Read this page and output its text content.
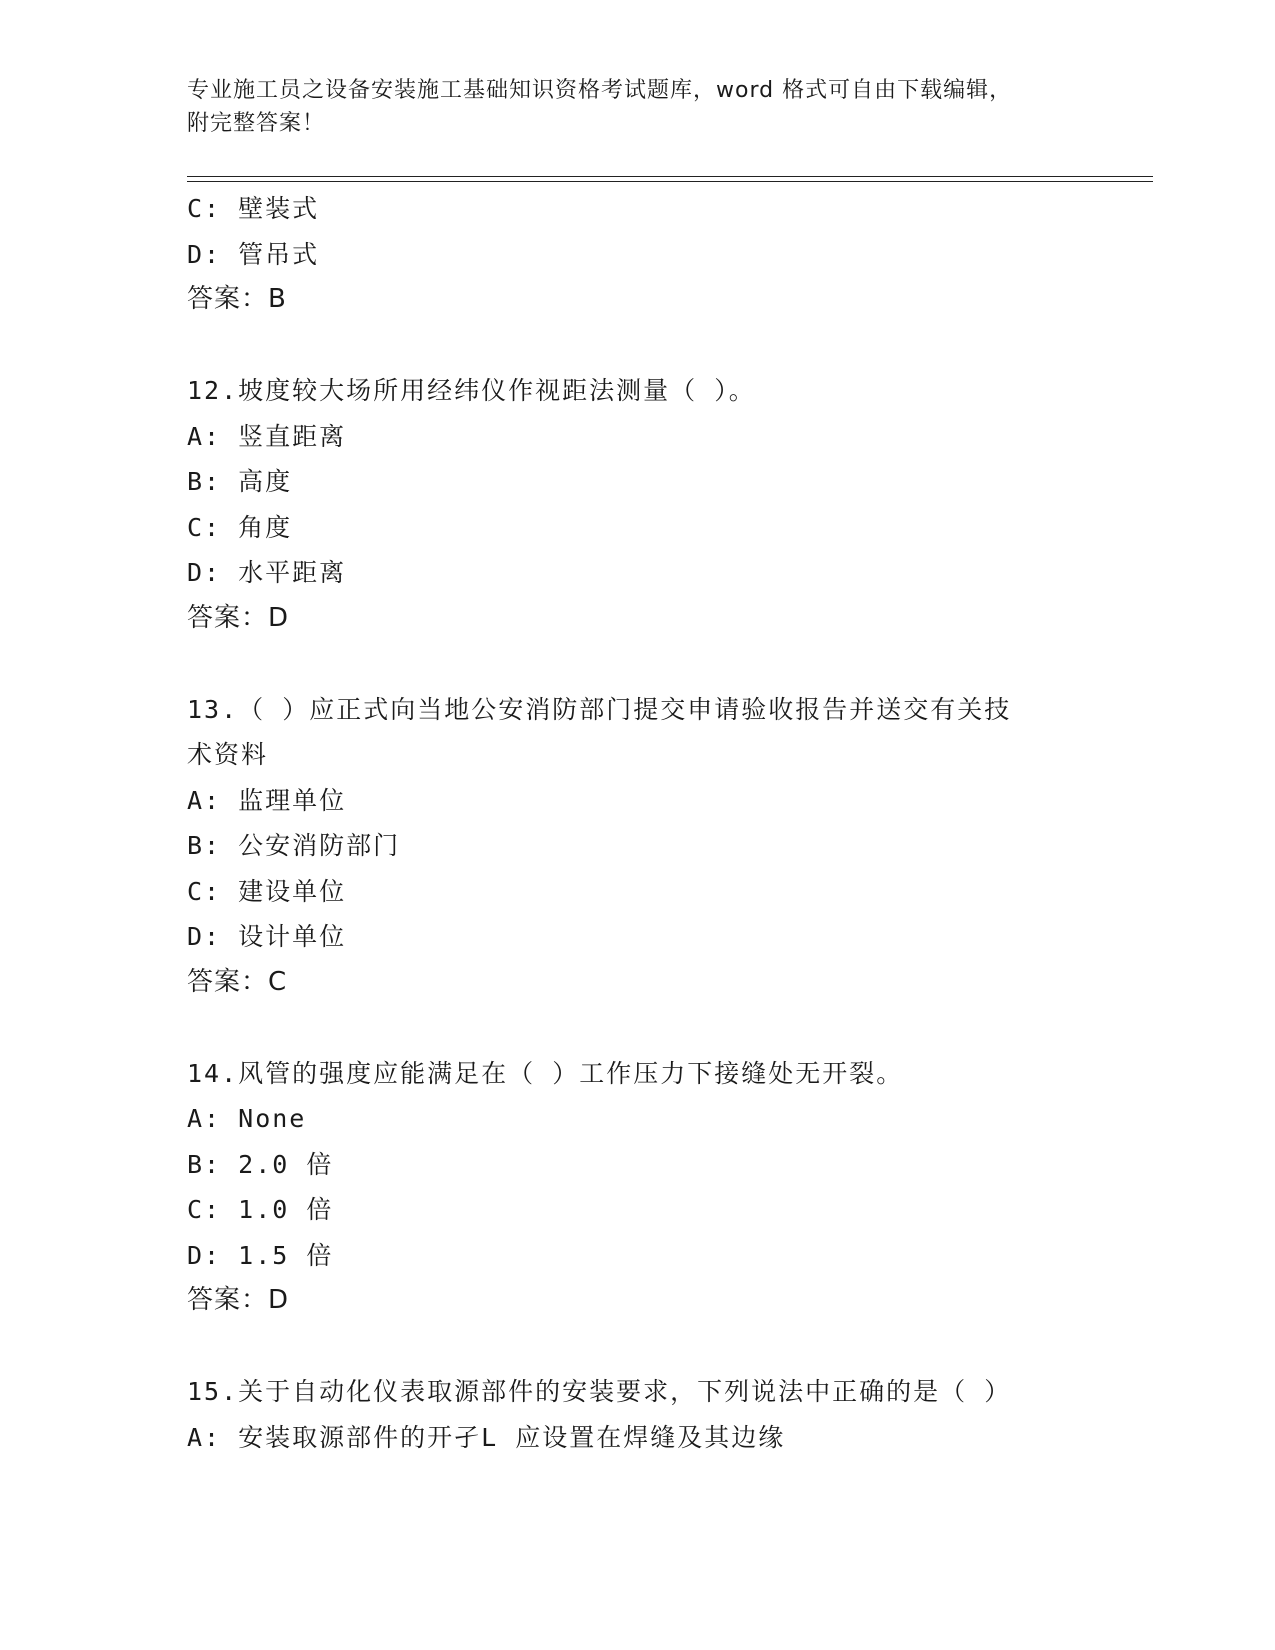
专业施工员之设备安装施工基础知识资格考试题库，word 格式可自由下载编辑，
附完整答案！
C: 壁装式
D: 管吊式
答案：B
12.坡度较大场所用经纬仪作视距法测量（ ）。
A: 竖直距离
B: 高度
C: 角度
D: 水平距离
答案：D
13.（ ）应正式向当地公安消防部门提交申请验收报告并送交有关技
术资料
A: 监理单位
B: 公安消防部门
C: 建设单位
D: 设计单位
答案：C
14.风管的强度应能满足在（ ）工作压力下接缝处无开裂。
A: None
B: 2.0 倍
C: 1.0 倍
D: 1.5 倍
答案：D
15.关于自动化仪表取源部件的安装要求，下列说法中正确的是（ ）
A: 安装取源部件的开孑L 应设置在焊缝及其边缘
